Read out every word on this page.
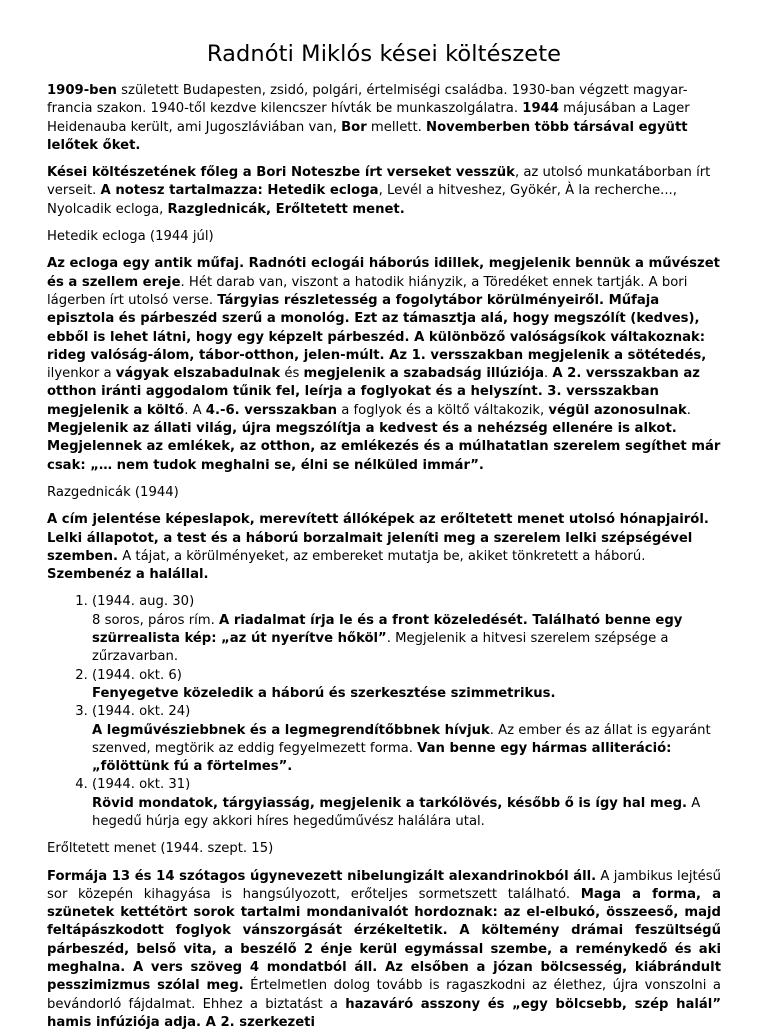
Radnóti Miklós kései költészete

1909-ben született Budapesten, zsidó, polgári, értelmiségi családba. 1930-ban végzett magyar-francia szakon. 1940-től kezdve kilencszer hívták be munkaszolgálatra. 1944 májusában a Lager Heidenauba került, ami Jugoszláviában van, Bor mellett. Novemberben több társával együtt lelőtek őket.

Kései költészetének főleg a Bori Noteszbe írt verseket vesszük, az utolsó munkatáborban írt verseit. A notesz tartalmazza: Hetedik ecloga, Levél a hitveshez, Gyökér, À la recherche..., Nyolcadik ecloga, Razglednicák, Erőltetett menet.

Hetedik ecloga (1944 júl)

Az ecloga egy antik műfaj. Radnóti eclogái háborús idillek, megjelenik bennük a művészet és a szellem ereje. Hét darab van, viszont a hatodik hiányzik, a Töredéket ennek tartják. A bori lágerben írt utolsó verse. Tárgyias részletesség a fogolytábor körülményeiről. Műfaja episztola és párbeszéd szerű a monológ. Ezt az támasztja alá, hogy megszólít (kedves), ebből is lehet látni, hogy egy képzelt párbeszéd. A különböző valóságsíkok váltakoznak: rideg valóság-álom, tábor-otthon, jelen-múlt. Az 1. versszakban megjelenik a sötétedés, ilyenkor a vágyak elszabadulnak és megjelenik a szabadság illúziója. A 2. versszakban az otthon iránti aggodalom tűnik fel, leírja a foglyokat és a helyszínt. 3. versszakban megjelenik a költő. A 4.-6. versszakban a foglyok és a költő váltakozik, végül azonosulnak. Megjelenik az állati világ, újra megszólítja a kedvest és a nehézség ellenére is alkot. Megjelennek az emlékek, az otthon, az emlékezés és a múlhatatlan szerelem segíthet már csak: „… nem tudok meghalni se, élni se nélküled immár”.

Razgednicák (1944)

A cím jelentése képeslapok, merevített állóképek az erőltetett menet utolsó hónapjairól. Lelki állapotot, a test és a háború borzalmait jeleníti meg a szerelem lelki szépségével szemben. A tájat, a körülményeket, az embereket mutatja be, akiket tönkretett a háború. Szembenéz a halállal.

1. (1944. aug. 30)
8 soros, páros rím. A riadalmat írja le és a front közeledését. Található benne egy szürrealista kép: „az út nyerítve hőköl”. Megjelenik a hitvesi szerelem szépsége a zűrzavarban.
2. (1944. okt. 6)
Fenyegetve közeledik a háború és szerkesztése szimmetrikus.
3. (1944. okt. 24)
A legművésziebbnek és a legmegrendítőbbnek hívjuk. Az ember és az állat is egyaránt szenved, megtörik az eddig fegyelmezett forma. Van benne egy hármas alliteráció: „fölöttünk fú a förtelmes”.
4. (1944. okt. 31)
Rövid mondatok, tárgyiasság, megjelenik a tarkólövés, később ő is így hal meg. A hegedű húrja egy akkori híres hegedűművész halálára utal.

Erőltetett menet (1944. szept. 15)

Formája 13 és 14 szótagos úgynevezett nibelungizált alexandrinokból áll. A jambikus lejtésű sor közepén kihagyása is hangsúlyozott, erőteljes sormetszett található. Maga a forma, a szünetek kettétört sorok tartalmi mondanivalót hordoznak: az el-elbukó, összeeső, majd feltápászkodott foglyok vánszorgását érzékeltetik. A költemény drámai feszültségű párbeszéd, belső vita, a beszélő 2 énje kerül egymással szembe, a reménykedő és aki meghalna. A vers szöveg 4 mondatból áll. Az elsőben a józan bölcsesség, kiábrándult pesszimizmus szólal meg. Értelmetlen dolog tovább is ragaszkodni az élethez, újra vonszolni a bevándorló fájdalmat. Ehhez a biztatást a hazavárό asszony és „egy bölcsebb, szép halál” hamis infúziója adja. A 2. szerkezeti
